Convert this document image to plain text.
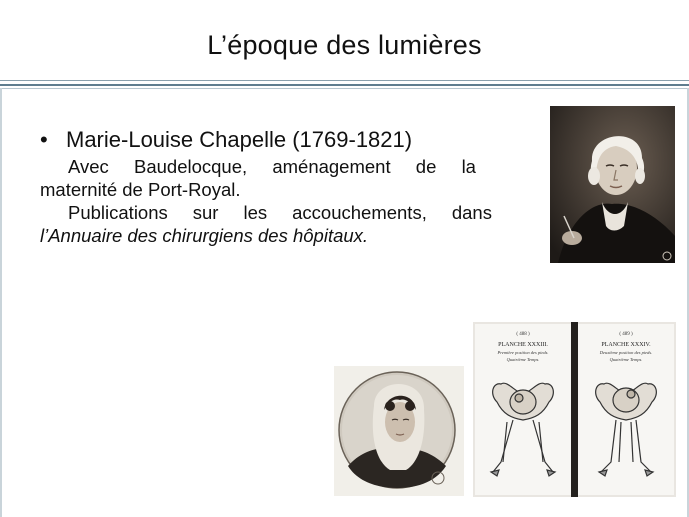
L’époque des lumières
• Marie-Louise Chapelle (1769-1821)
Avec Baudelocque, aménagement de la
maternité de Port-Royal.
Publications sur les accouchements, dans
l’Annuaire des chirurgiens des hôpitaux.
( 488 )
PLANCHE XXXIII.
Première position des pieds.
Quatrième Temps.
( 489 )
PLANCHE XXXIV.
Deuxième position des pieds.
Quatrième Temps.
